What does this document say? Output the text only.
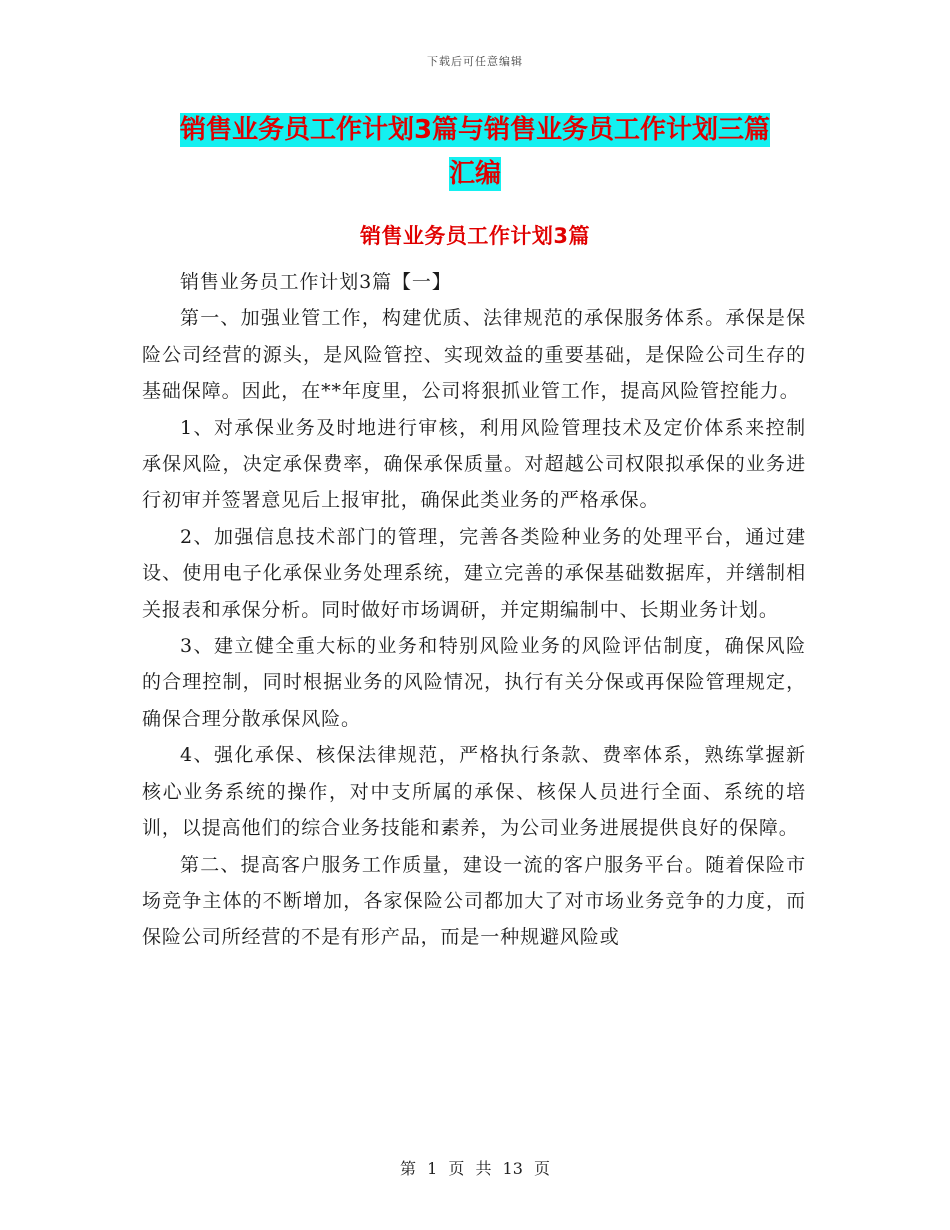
下载后可任意编辑
销售业务员工作计划3篇与销售业务员工作计划三篇
汇编
销售业务员工作计划3篇

销售业务员工作计划3篇【一】

第一、加强业管工作，构建优质、法律规范的承保服务体系。承保是保险公司经营的源头，是风险管控、实现效益的重要基础，是保险公司生存的基础保障。因此，在**年度里，公司将狠抓业管工作，提高风险管控能力。

1、对承保业务及时地进行审核，利用风险管理技术及定价体系来控制承保风险，决定承保费率，确保承保质量。对超越公司权限拟承保的业务进行初审并签署意见后上报审批，确保此类业务的严格承保。

2、加强信息技术部门的管理，完善各类险种业务的处理平台，通过建设、使用电子化承保业务处理系统，建立完善的承保基础数据库，并缮制相关报表和承保分析。同时做好市场调研，并定期编制中、长期业务计划。

3、建立健全重大标的业务和特别风险业务的风险评估制度，确保风险的合理控制，同时根据业务的风险情况，执行有关分保或再保险管理规定，确保合理分散承保风险。

4、强化承保、核保法律规范，严格执行条款、费率体系，熟练掌握新核心业务系统的操作，对中支所属的承保、核保人员进行全面、系统的培训，以提高他们的综合业务技能和素养，为公司业务进展提供良好的保障。

第二、提高客户服务工作质量，建设一流的客户服务平台。随着保险市场竞争主体的不断增加，各家保险公司都加大了对市场业务竞争的力度，而保险公司所经营的不是有形产品，而是一种规避风险或

第 1 页 共 13 页
